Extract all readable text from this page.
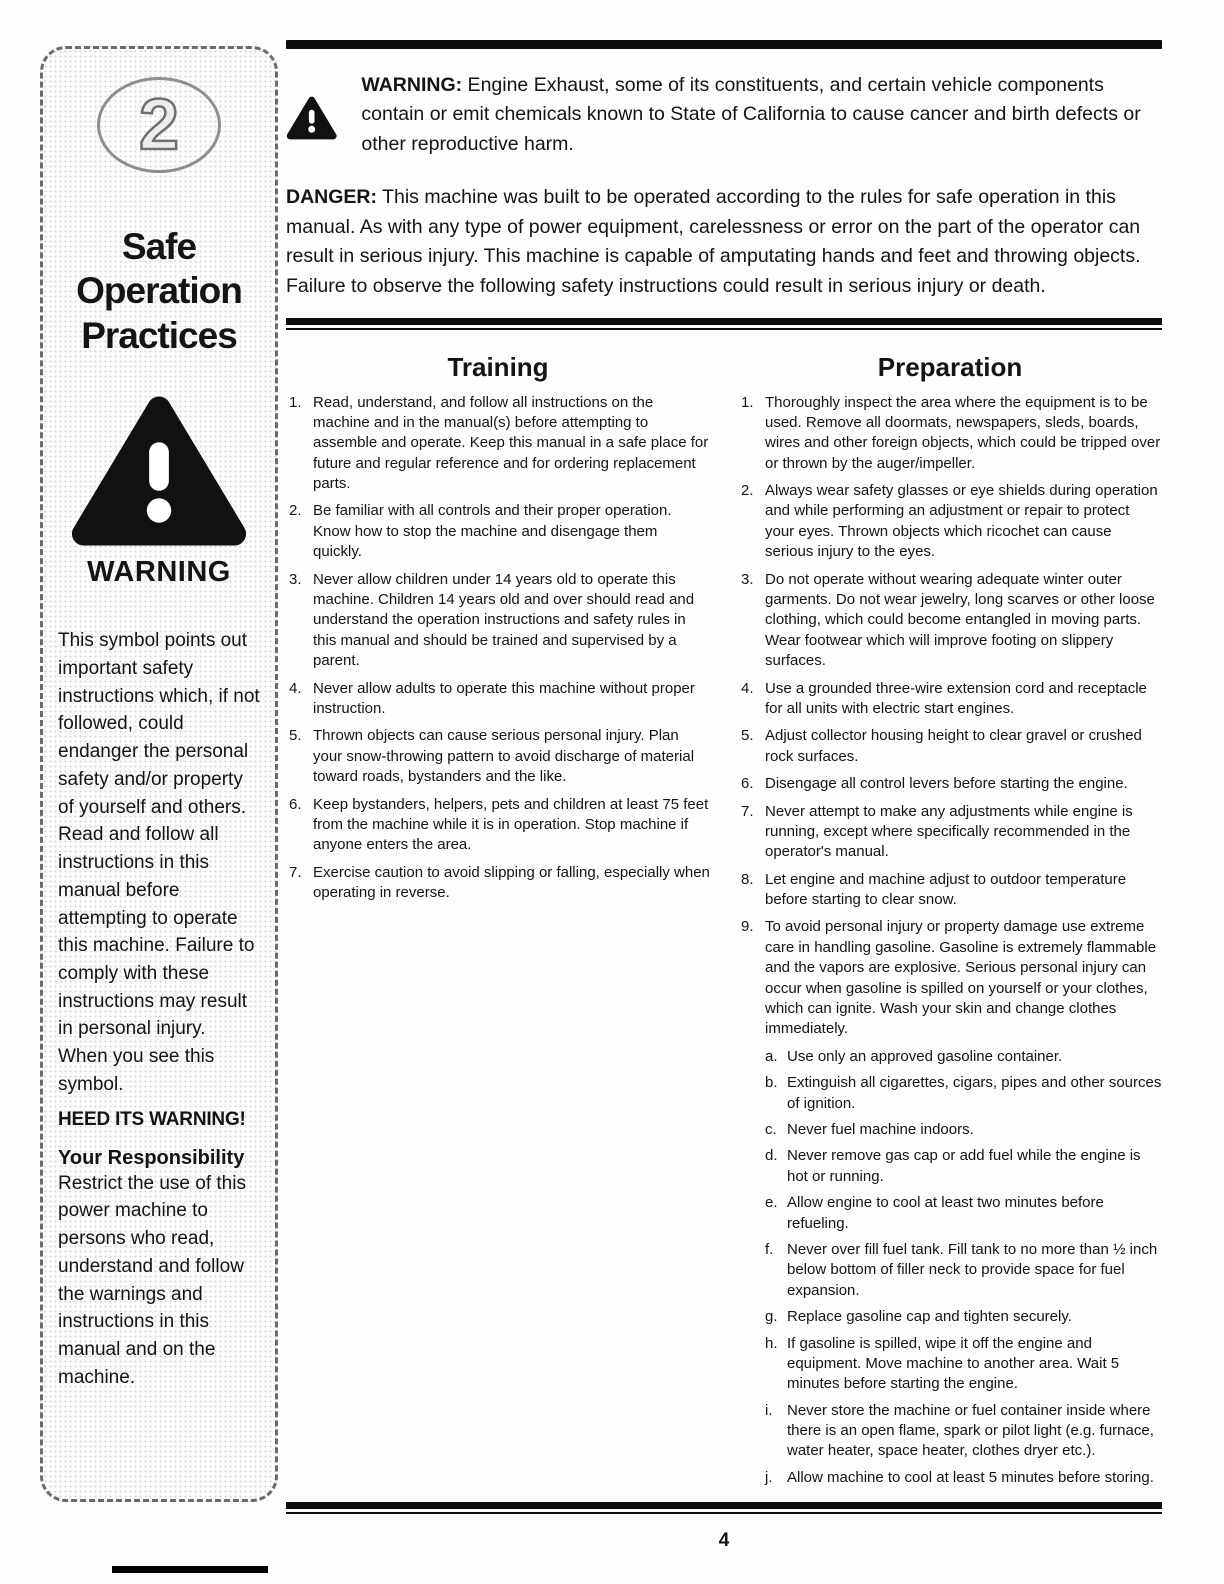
2
Safe Operation Practices
WARNING

This symbol points out important safety instructions which, if not followed, could endanger the personal safety and/or property of yourself and others. Read and follow all instructions in this manual before attempting to operate this machine. Failure to comply with these instructions may result in personal injury. When you see this symbol.

HEED ITS WARNING!

Your Responsibility

Restrict the use of this power machine to persons who read, understand and follow the warnings and instructions in this manual and on the machine.

WARNING: Engine Exhaust, some of its constituents, and certain vehicle components contain or emit chemicals known to State of California to cause cancer and birth defects or other reproductive harm.

DANGER: This machine was built to be operated according to the rules for safe operation in this manual. As with any type of power equipment, carelessness or error on the part of the operator can result in serious injury. This machine is capable of amputating hands and feet and throwing objects. Failure to observe the following safety instructions could result in serious injury or death.

Training
1. Read, understand, and follow all instructions on the machine and in the manual(s) before attempting to assemble and operate. Keep this manual in a safe place for future and regular reference and for ordering replacement parts.
2. Be familiar with all controls and their proper operation. Know how to stop the machine and disengage them quickly.
3. Never allow children under 14 years old to operate this machine. Children 14 years old and over should read and understand the operation instructions and safety rules in this manual and should be trained and supervised by a parent.
4. Never allow adults to operate this machine without proper instruction.
5. Thrown objects can cause serious personal injury. Plan your snow-throwing pattern to avoid discharge of material toward roads, bystanders and the like.
6. Keep bystanders, helpers, pets and children at least 75 feet from the machine while it is in operation. Stop machine if anyone enters the area.
7. Exercise caution to avoid slipping or falling, especially when operating in reverse.
Preparation
1. Thoroughly inspect the area where the equipment is to be used. Remove all doormats, newspapers, sleds, boards, wires and other foreign objects, which could be tripped over or thrown by the auger/impeller.
2. Always wear safety glasses or eye shields during operation and while performing an adjustment or repair to protect your eyes. Thrown objects which ricochet can cause serious injury to the eyes.
3. Do not operate without wearing adequate winter outer garments. Do not wear jewelry, long scarves or other loose clothing, which could become entangled in moving parts. Wear footwear which will improve footing on slippery surfaces.
4. Use a grounded three-wire extension cord and receptacle for all units with electric start engines.
5. Adjust collector housing height to clear gravel or crushed rock surfaces.
6. Disengage all control levers before starting the engine.
7. Never attempt to make any adjustments while engine is running, except where specifically recommended in the operator's manual.
8. Let engine and machine adjust to outdoor temperature before starting to clear snow.
9. To avoid personal injury or property damage use extreme care in handling gasoline. Gasoline is extremely flammable and the vapors are explosive. Serious personal injury can occur when gasoline is spilled on yourself or your clothes, which can ignite. Wash your skin and change clothes immediately.
a. Use only an approved gasoline container.
b. Extinguish all cigarettes, cigars, pipes and other sources of ignition.
c. Never fuel machine indoors.
d. Never remove gas cap or add fuel while the engine is hot or running.
e. Allow engine to cool at least two minutes before refueling.
f. Never over fill fuel tank. Fill tank to no more than ½ inch below bottom of filler neck to provide space for fuel expansion.
g. Replace gasoline cap and tighten securely.
h. If gasoline is spilled, wipe it off the engine and equipment. Move machine to another area. Wait 5 minutes before starting the engine.
i. Never store the machine or fuel container inside where there is an open flame, spark or pilot light (e.g. furnace, water heater, space heater, clothes dryer etc.).
j. Allow machine to cool at least 5 minutes before storing.
4
